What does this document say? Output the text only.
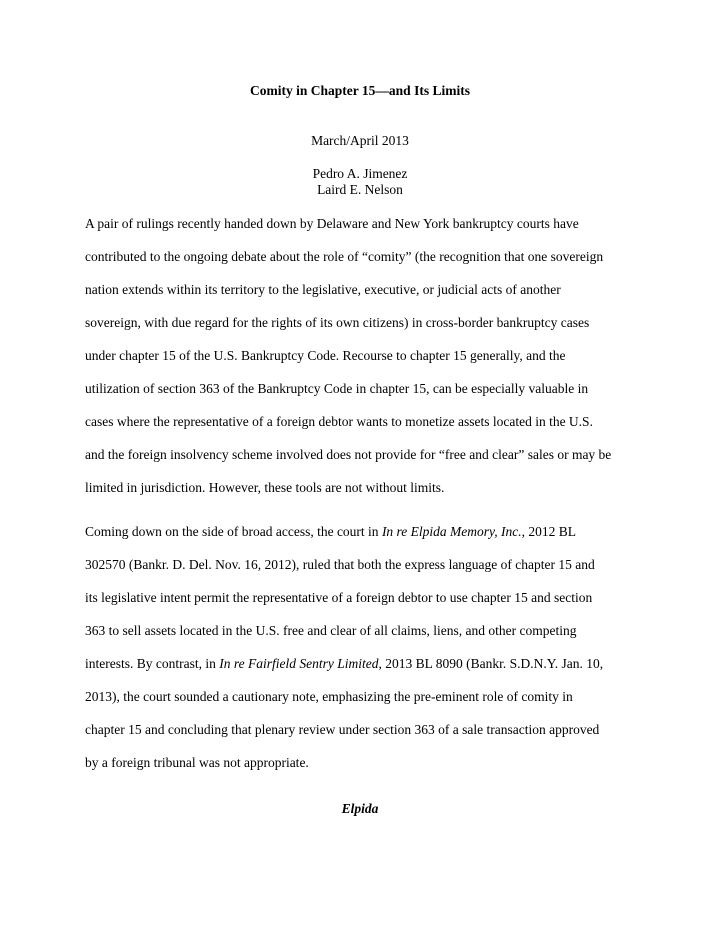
Comity in Chapter 15—and Its Limits
March/April 2013
Pedro A. Jimenez
Laird E. Nelson
A pair of rulings recently handed down by Delaware and New York bankruptcy courts have
contributed to the ongoing debate about the role of “comity” (the recognition that one sovereign
nation extends within its territory to the legislative, executive, or judicial acts of another
sovereign, with due regard for the rights of its own citizens) in cross-border bankruptcy cases
under chapter 15 of the U.S. Bankruptcy Code. Recourse to chapter 15 generally, and the
utilization of section 363 of the Bankruptcy Code in chapter 15, can be especially valuable in
cases where the representative of a foreign debtor wants to monetize assets located in the U.S.
and the foreign insolvency scheme involved does not provide for “free and clear” sales or may be
limited in jurisdiction. However, these tools are not without limits.
Coming down on the side of broad access, the court in In re Elpida Memory, Inc., 2012 BL
302570 (Bankr. D. Del. Nov. 16, 2012), ruled that both the express language of chapter 15 and
its legislative intent permit the representative of a foreign debtor to use chapter 15 and section
363 to sell assets located in the U.S. free and clear of all claims, liens, and other competing
interests. By contrast, in In re Fairfield Sentry Limited, 2013 BL 8090 (Bankr. S.D.N.Y. Jan. 10,
2013), the court sounded a cautionary note, emphasizing the pre-eminent role of comity in
chapter 15 and concluding that plenary review under section 363 of a sale transaction approved
by a foreign tribunal was not appropriate.
Elpida
